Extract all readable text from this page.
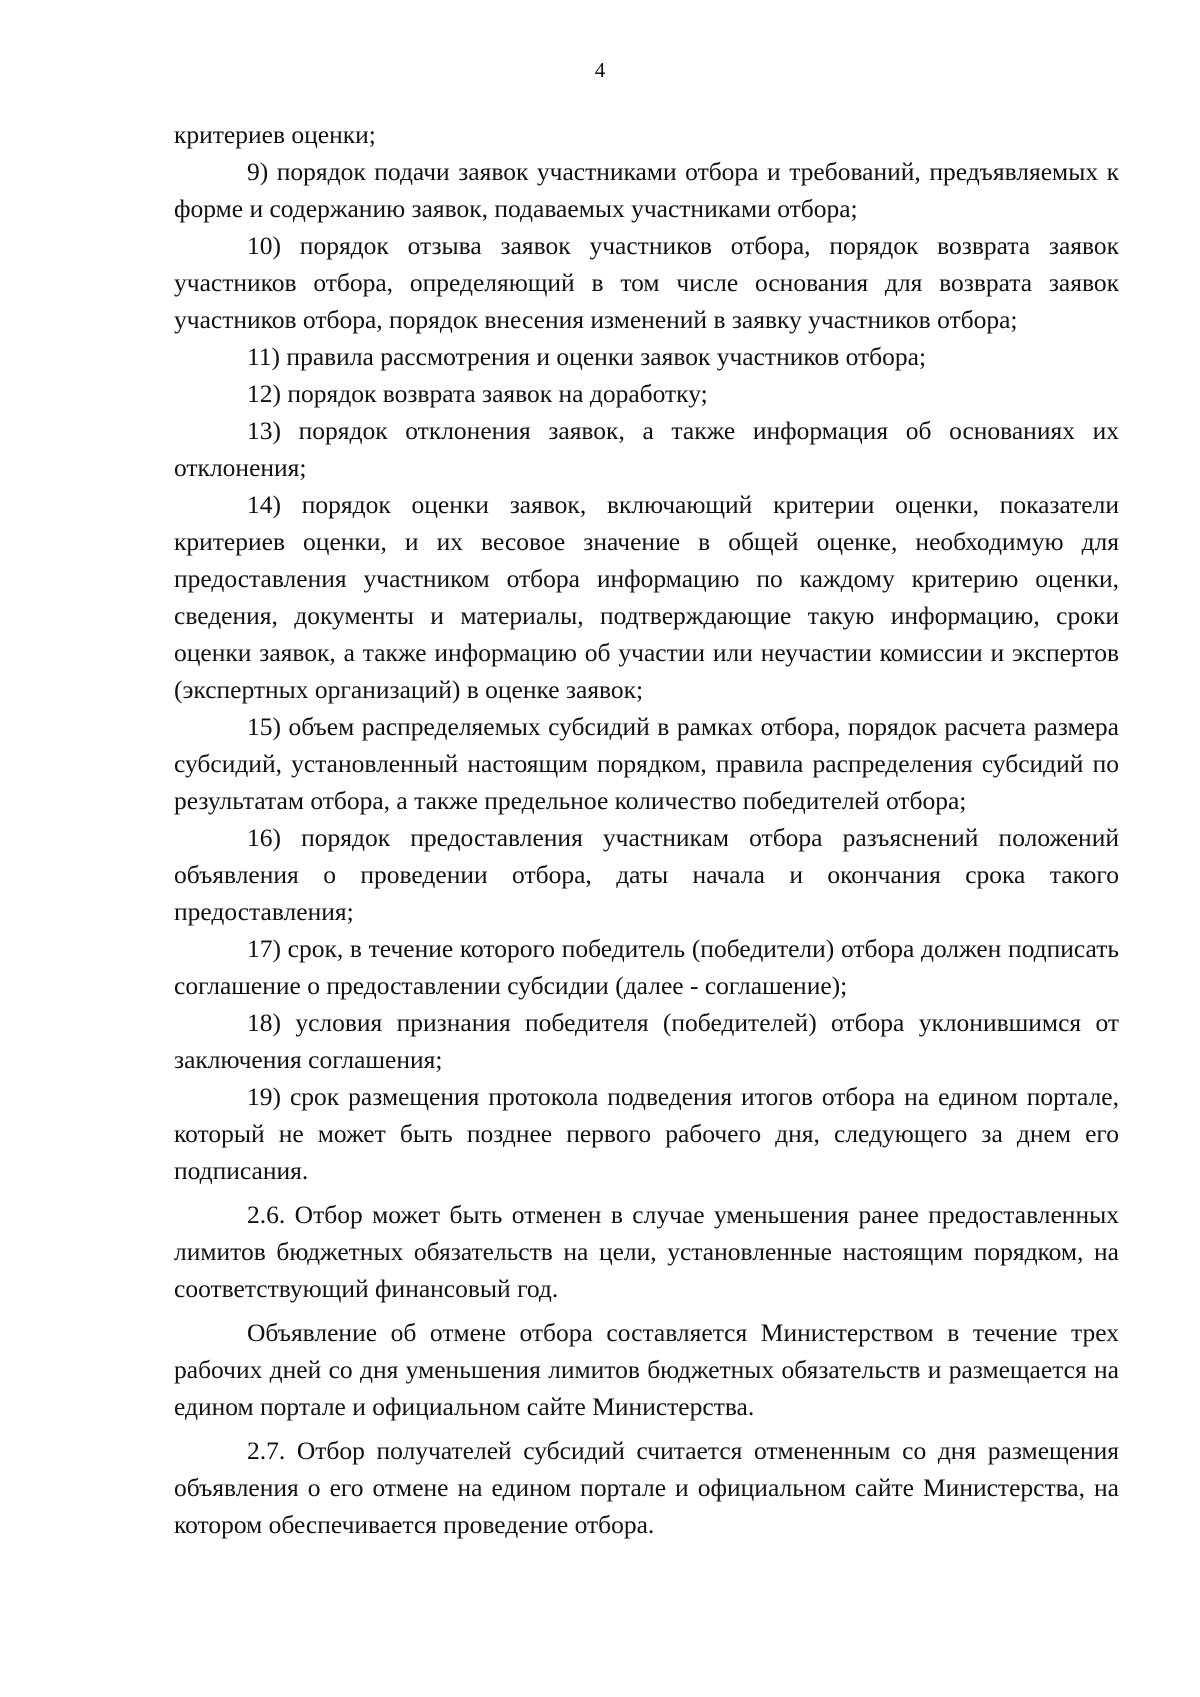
4

критериев оценки;

9) порядок подачи заявок участниками отбора и требований, предъявляемых к форме и содержанию заявок, подаваемых участниками отбора;

10) порядок отзыва заявок участников отбора, порядок возврата заявок участников отбора, определяющий в том числе основания для возврата заявок участников отбора, порядок внесения изменений в заявку участников отбора;

11) правила рассмотрения и оценки заявок участников отбора;

12) порядок возврата заявок на доработку;

13) порядок отклонения заявок, а также информация об основаниях их отклонения;

14) порядок оценки заявок, включающий критерии оценки, показатели критериев оценки, и их весовое значение в общей оценке, необходимую для предоставления участником отбора информацию по каждому критерию оценки, сведения, документы и материалы, подтверждающие такую информацию, сроки оценки заявок, а также информацию об участии или неучастии комиссии и экспертов (экспертных организаций) в оценке заявок;

15) объем распределяемых субсидий в рамках отбора, порядок расчета размера субсидий, установленный настоящим порядком, правила распределения субсидий по результатам отбора, а также предельное количество победителей отбора;

16) порядок предоставления участникам отбора разъяснений положений объявления о проведении отбора, даты начала и окончания срока такого предоставления;

17) срок, в течение которого победитель (победители) отбора должен подписать соглашение о предоставлении субсидии (далее - соглашение);

18) условия признания победителя (победителей) отбора уклонившимся от заключения соглашения;

19) срок размещения протокола подведения итогов отбора на едином портале, который не может быть позднее первого рабочего дня, следующего за днем его подписания.

2.6. Отбор может быть отменен в случае уменьшения ранее предоставленных лимитов бюджетных обязательств на цели, установленные настоящим порядком, на соответствующий финансовый год.

Объявление об отмене отбора составляется Министерством в течение трех рабочих дней со дня уменьшения лимитов бюджетных обязательств и размещается на едином портале и официальном сайте Министерства.

2.7. Отбор получателей субсидий считается отмененным со дня размещения объявления о его отмене на едином портале и официальном сайте Министерства, на котором обеспечивается проведение отбора.
